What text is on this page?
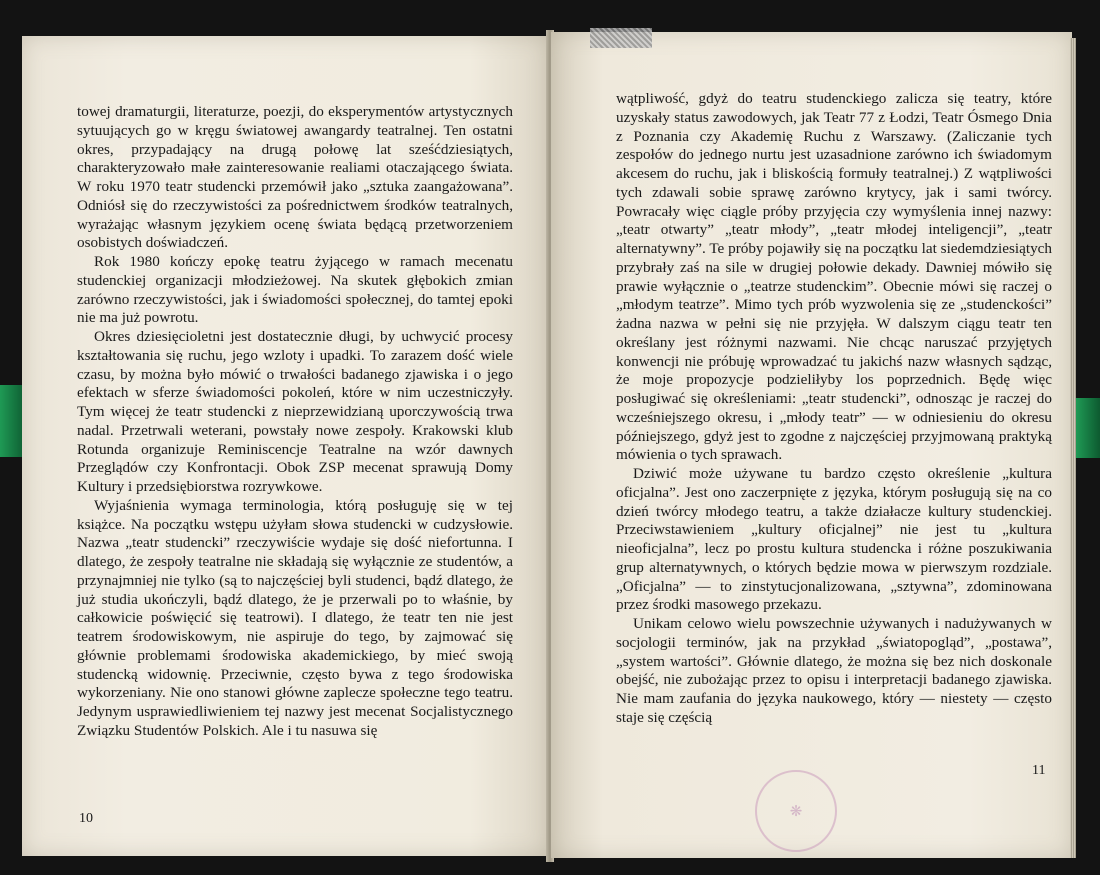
towej dramaturgii, literaturze, poezji, do eksperymentów artystycznych sytuujących go w kręgu światowej awangardy teatralnej. Ten ostatni okres, przypadający na drugą połowę lat sześćdziesiątych, charakteryzowało małe zainteresowanie realiami otaczającego świata. W roku 1970 teatr studencki przemówił jako „sztuka zaangażowana”. Odniósł się do rzeczywistości za pośrednictwem środków teatralnych, wyrażając własnym językiem ocenę świata będącą przetworzeniem osobistych doświadczeń.

Rok 1980 kończy epokę teatru żyjącego w ramach mecenatu studenckiej organizacji młodzieżowej. Na skutek głębokich zmian zarówno rzeczywistości, jak i świadomości społecznej, do tamtej epoki nie ma już powrotu.

Okres dziesięcioletni jest dostatecznie długi, by uchwycić procesy kształtowania się ruchu, jego wzloty i upadki. To zarazem dość wiele czasu, by można było mówić o trwałości badanego zjawiska i o jego efektach w sferze świadomości pokoleń, które w nim uczestniczyły. Tym więcej że teatr studencki z nieprzewidzianą uporczywością trwa nadal. Przetrwali weterani, powstały nowe zespoły. Krakowski klub Rotunda organizuje Reminiscencje Teatralne na wzór dawnych Przeglądów czy Konfrontacji. Obok ZSP mecenat sprawują Domy Kultury i przedsiębiorstwa rozrywkowe.

Wyjaśnienia wymaga terminologia, którą posługuję się w tej książce. Na początku wstępu użyłam słowa studencki w cudzysłowie. Nazwa „teatr studencki” rzeczywiście wydaje się dość niefortunna. I dlatego, że zespoły teatralne nie składają się wyłącznie ze studentów, a przynajmniej nie tylko (są to najczęściej byli studenci, bądź dlatego, że już studia ukończyli, bądź dlatego, że je przerwali po to właśnie, by całkowicie poświęcić się teatrowi). I dlatego, że teatr ten nie jest teatrem środowiskowym, nie aspiruje do tego, by zajmować się głównie problemami środowiska akademickiego, by mieć swoją studencką widownię. Przeciwnie, często bywa z tego środowiska wykorzeniany. Nie ono stanowi główne zaplecze społeczne tego teatru. Jedynym usprawiedliwieniem tej nazwy jest mecenat Socjalistycznego Związku Studentów Polskich. Ale i tu nasuwa się

10

wątpliwość, gdyż do teatru studenckiego zalicza się teatry, które uzyskały status zawodowych, jak Teatr 77 z Łodzi, Teatr Ósmego Dnia z Poznania czy Akademię Ruchu z Warszawy. (Zaliczanie tych zespołów do jednego nurtu jest uzasadnione zarówno ich świadomym akcesem do ruchu, jak i bliskością formuły teatralnej.) Z wątpliwości tych zdawali sobie sprawę zarówno krytycy, jak i sami twórcy. Powracały więc ciągle próby przyjęcia czy wymyślenia innej nazwy: „teatr otwarty” „teatr młody”, „teatr młodej inteligencji”, „teatr alternatywny”. Te próby pojawiły się na początku lat siedemdziesiątych przybrały zaś na sile w drugiej połowie dekady. Dawniej mówiło się prawie wyłącznie o „teatrze studenckim”. Obecnie mówi się raczej o „młodym teatrze”. Mimo tych prób wyzwolenia się ze „studenckości” żadna nazwa w pełni się nie przyjęła. W dalszym ciągu teatr ten określany jest różnymi nazwami. Nie chcąc naruszać przyjętych konwencji nie próbuję wprowadzać tu jakichś nazw własnych sądząc, że moje propozycje podzieliłyby los poprzednich. Będę więc posługiwać się określeniami: „teatr studencki”, odnosząc je raczej do wcześniejszego okresu, i „młody teatr” — w odniesieniu do okresu późniejszego, gdyż jest to zgodne z najczęściej przyjmowaną praktyką mówienia o tych sprawach.

Dziwić może używane tu bardzo często określenie „kultura oficjalna”. Jest ono zaczerpnięte z języka, którym posługują się na co dzień twórcy młodego teatru, a także działacze kultury studenckiej. Przeciwstawieniem „kultury oficjalnej” nie jest tu „kultura nieoficjalna”, lecz po prostu kultura studencka i różne poszukiwania grup alternatywnych, o których będzie mowa w pierwszym rozdziale. „Oficjalna” — to zinstytucjonalizowana, „sztywna”, zdominowana przez środki masowego przekazu.

Unikam celowo wielu powszechnie używanych i nadużywanych w socjologii terminów, jak na przykład „światopogląd”, „postawa”, „system wartości”. Głównie dlatego, że można się bez nich doskonale obejść, nie zubożając przez to opisu i interpretacji badanego zjawiska. Nie mam zaufania do języka naukowego, który — niestety — często staje się częścią

11
❋
